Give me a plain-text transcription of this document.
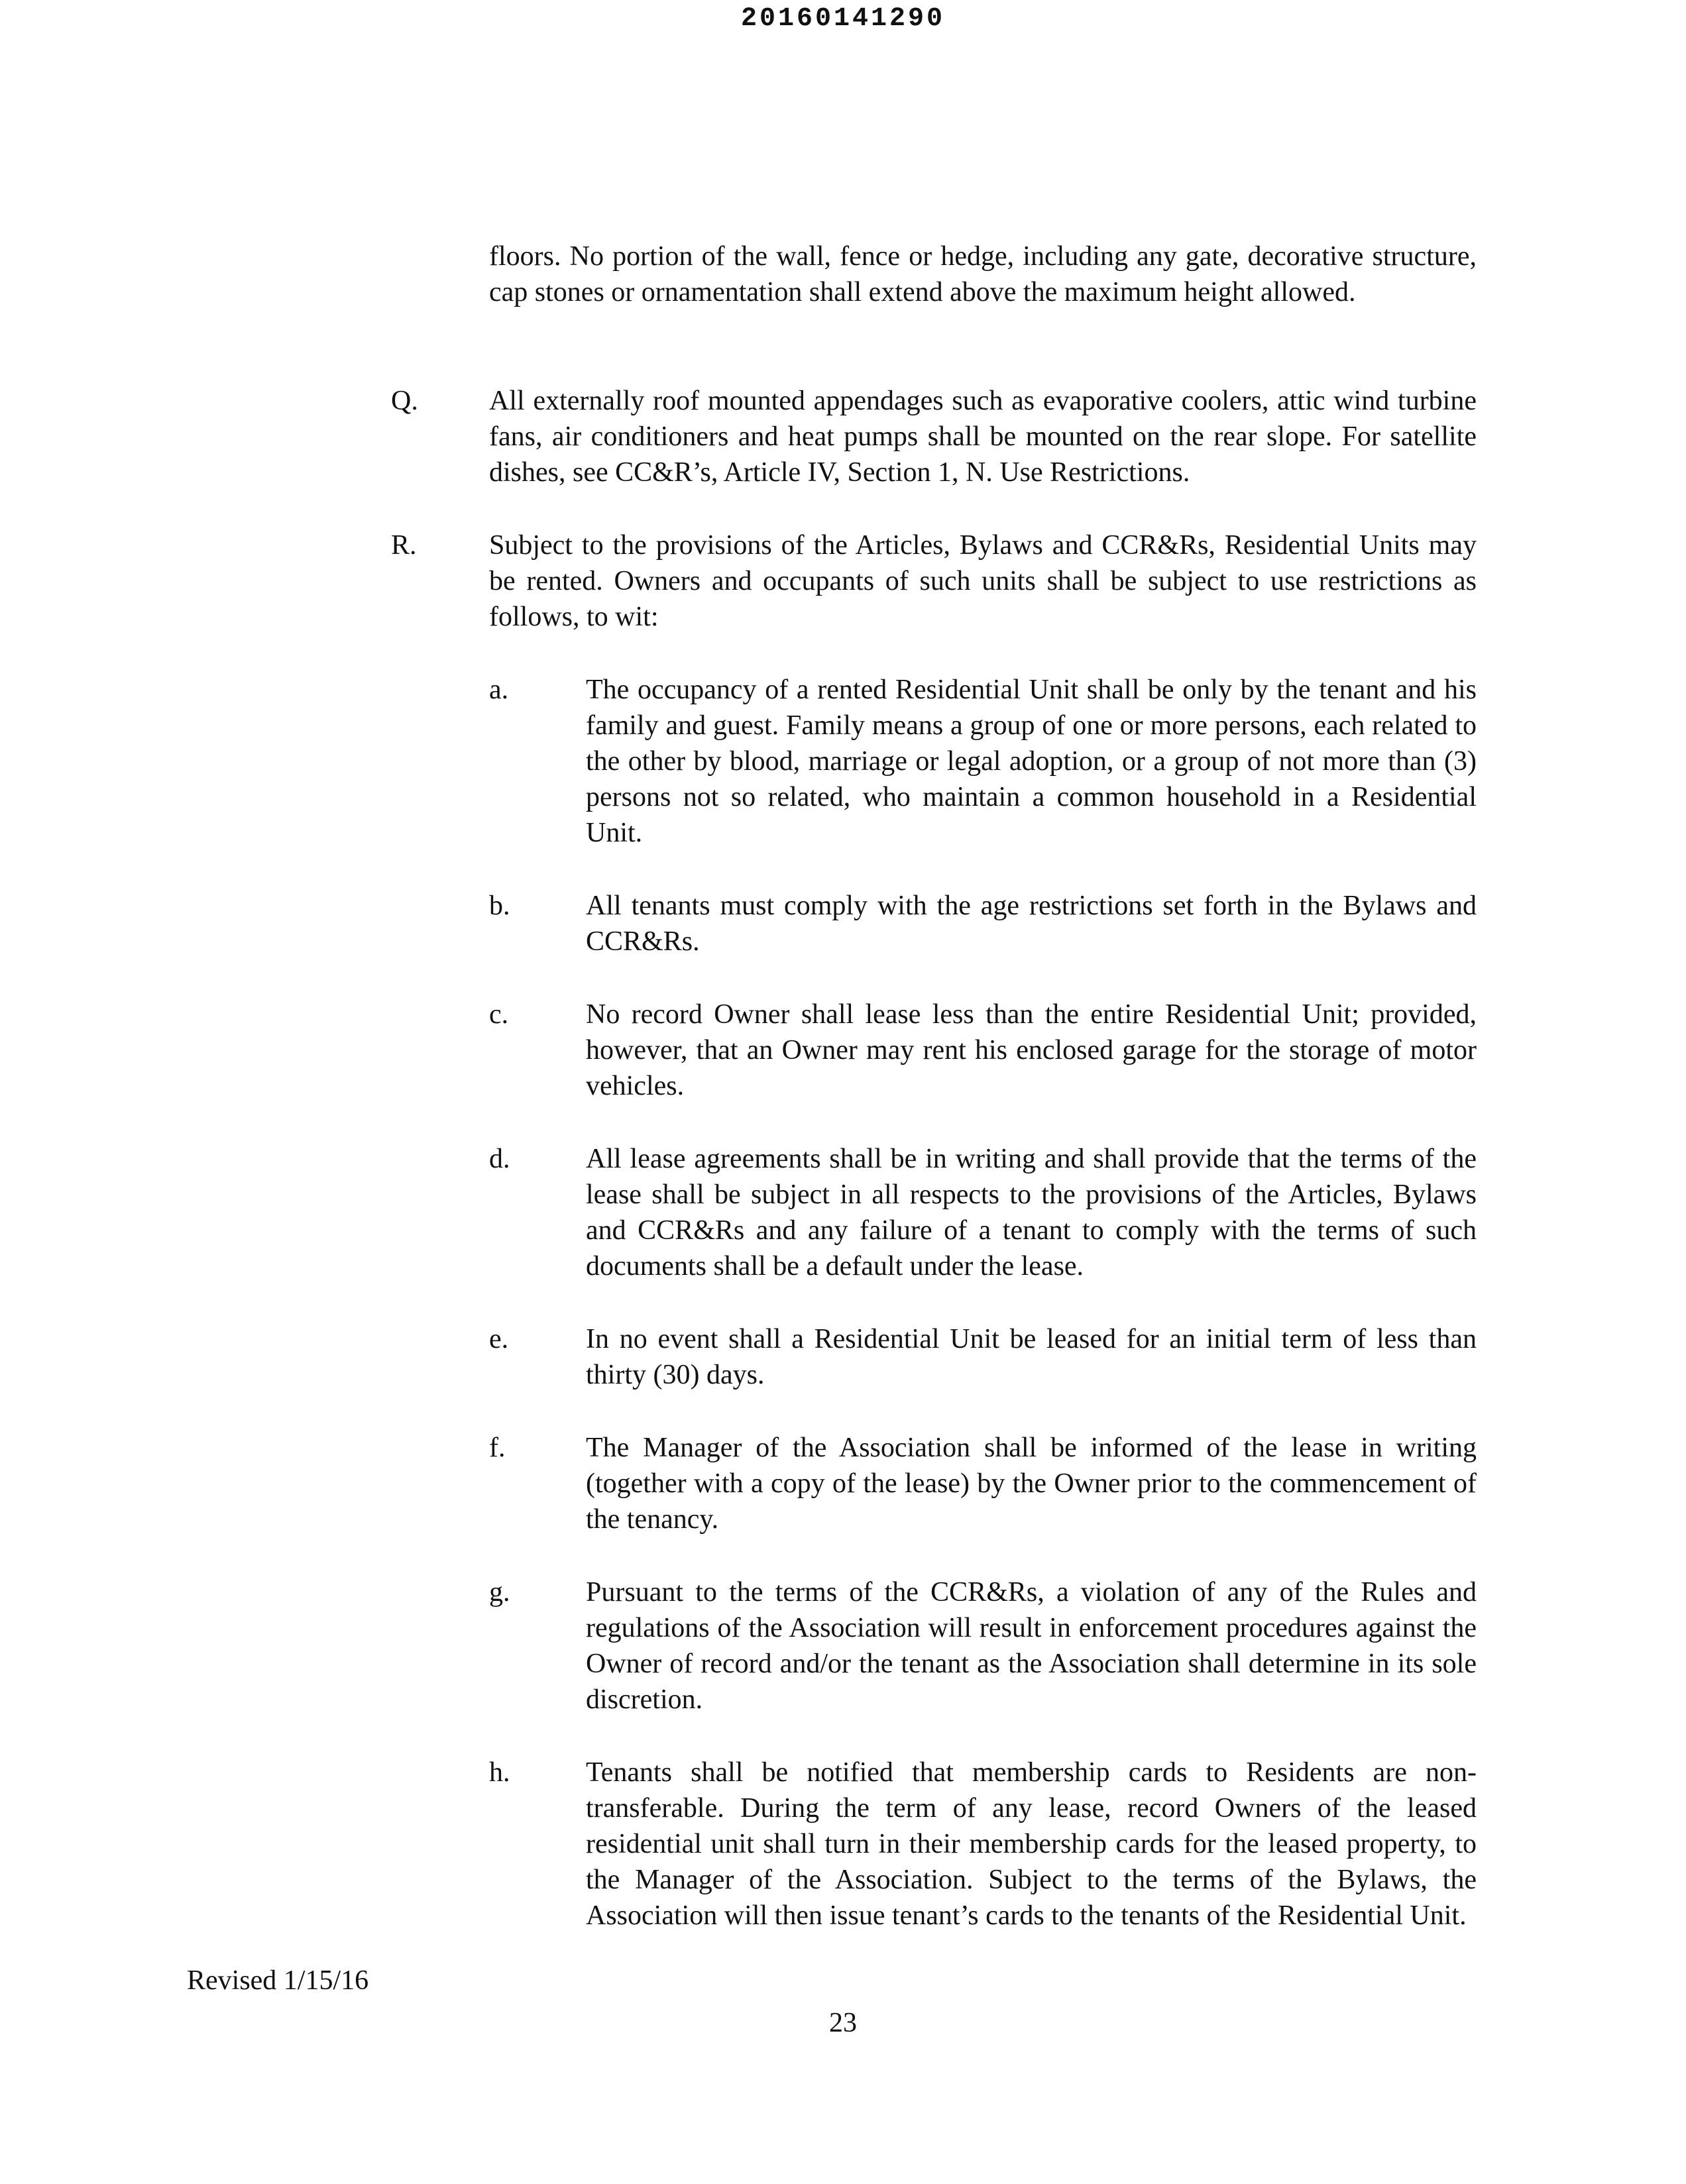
20160141290
floors. No portion of the wall, fence or hedge, including any gate, decorative structure, cap stones or ornamentation shall extend above the maximum height allowed.
Q.	All externally roof mounted appendages such as evaporative coolers, attic wind turbine fans, air conditioners and heat pumps shall be mounted on the rear slope. For satellite dishes, see CC&R’s, Article IV, Section 1, N. Use Restrictions.
R.	Subject to the provisions of the Articles, Bylaws and CCR&Rs, Residential Units may be rented. Owners and occupants of such units shall be subject to use restrictions as follows, to wit:
a.	The occupancy of a rented Residential Unit shall be only by the tenant and his family and guest. Family means a group of one or more persons, each related to the other by blood, marriage or legal adoption, or a group of not more than (3) persons not so related, who maintain a common household in a Residential Unit.
b.	All tenants must comply with the age restrictions set forth in the Bylaws and CCR&Rs.
c.	No record Owner shall lease less than the entire Residential Unit; provided, however, that an Owner may rent his enclosed garage for the storage of motor vehicles.
d.	All lease agreements shall be in writing and shall provide that the terms of the lease shall be subject in all respects to the provisions of the Articles, Bylaws and CCR&Rs and any failure of a tenant to comply with the terms of such documents shall be a default under the lease.
e.	In no event shall a Residential Unit be leased for an initial term of less than thirty (30) days.
f.	The Manager of the Association shall be informed of the lease in writing (together with a copy of the lease) by the Owner prior to the commencement of the tenancy.
g.	Pursuant to the terms of the CCR&Rs, a violation of any of the Rules and regulations of the Association will result in enforcement procedures against the Owner of record and/or the tenant as the Association shall determine in its sole discretion.
h.	Tenants shall be notified that membership cards to Residents are non-transferable. During the term of any lease, record Owners of the leased residential unit shall turn in their membership cards for the leased property, to the Manager of the Association. Subject to the terms of the Bylaws, the Association will then issue tenant’s cards to the tenants of the Residential Unit.
Revised 1/15/16
23
